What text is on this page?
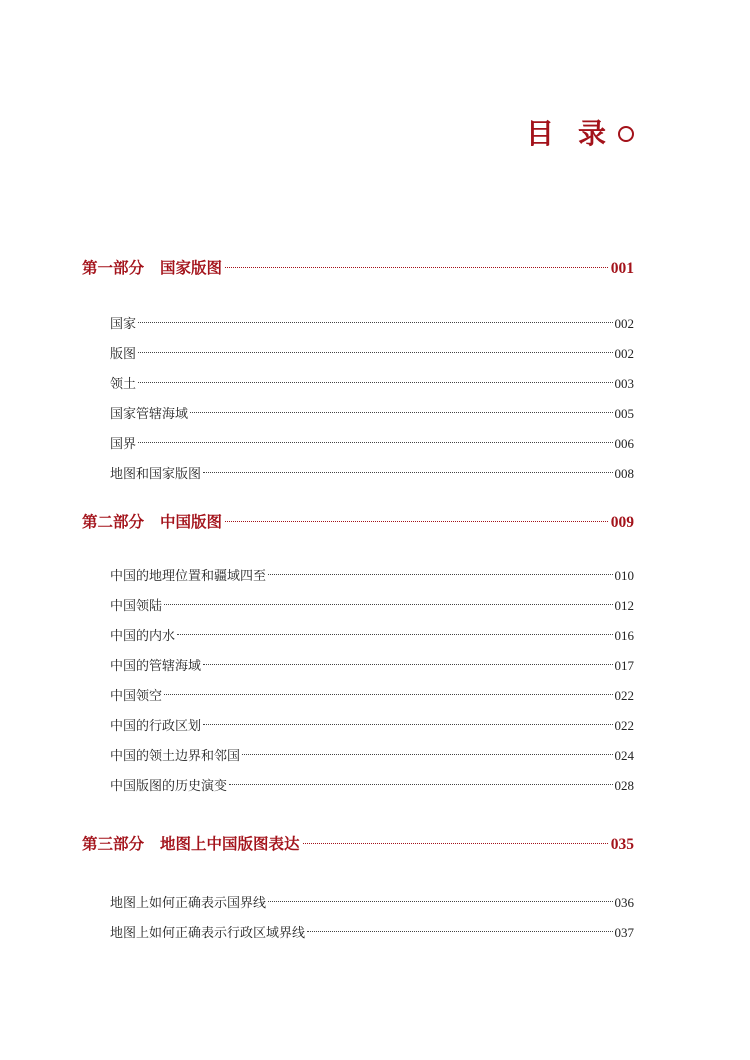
目 录
第一部分 国家版图	001
国家	002
版图	002
领土	003
国家管辖海域	005
国界	006
地图和国家版图	008
第二部分 中国版图	009
中国的地理位置和疆域四至	010
中国领陆	012
中国的内水	016
中国的管辖海域	017
中国领空	022
中国的行政区划	022
中国的领土边界和邻国	024
中国版图的历史演变	028
第三部分 地图上中国版图表达	035
地图上如何正确表示国界线	036
地图上如何正确表示行政区域界线	037
